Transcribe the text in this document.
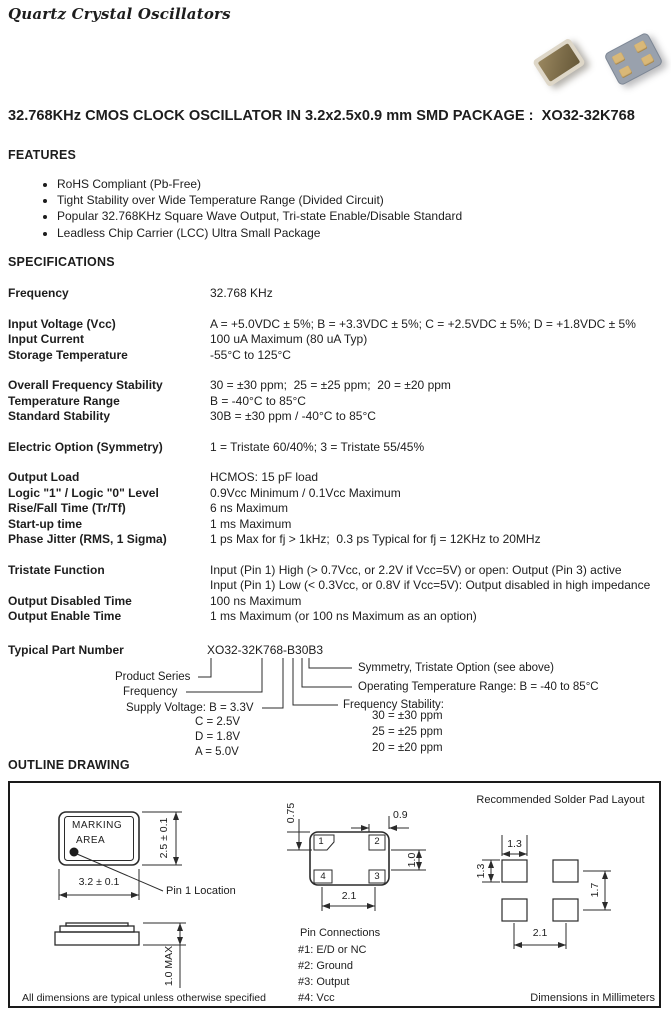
Quartz Crystal Oscillators
32.768KHz CMOS CLOCK OSCILLATOR IN 3.2x2.5x0.9 mm SMD PACKAGE :  XO32-32K768
FEATURES
• RoHS Compliant (Pb-Free)
• Tight Stability over Wide Temperature Range (Divided Circuit)
• Popular 32.768KHz Square Wave Output, Tri-state Enable/Disable Standard
• Leadless Chip Carrier (LCC) Ultra Small Package
SPECIFICATIONS
Frequency	32.768 KHz
Input Voltage (Vcc)	A = +5.0VDC ± 5%; B = +3.3VDC ± 5%; C = +2.5VDC ± 5%; D = +1.8VDC ± 5%
Input Current	100 uA Maximum (80 uA Typ)
Storage Temperature	-55°C to 125°C
Overall Frequency Stability	30 = ±30 ppm;  25 = ±25 ppm;  20 = ±20 ppm
Temperature Range	B = -40°C to 85°C
Standard Stability	30B = ±30 ppm / -40°C to 85°C
Electric Option (Symmetry)	1 = Tristate 60/40%; 3 = Tristate 55/45%
Output Load	HCMOS: 15 pF load
Logic "1" / Logic "0" Level	0.9Vcc Minimum / 0.1Vcc Maximum
Rise/Fall Time (Tr/Tf)	6 ns Maximum
Start-up time	1 ms Maximum
Phase Jitter (RMS, 1 Sigma)	1 ps Max for fj > 1kHz;  0.3 ps Typical for fj = 12KHz to 20MHz
Tristate Function	Input (Pin 1) High (> 0.7Vcc, or 2.2V if Vcc=5V) or open: Output (Pin 3) active
Input (Pin 1) Low (< 0.3Vcc, or 0.8V if Vcc=5V): Output disabled in high impedance
Output Disabled Time	100 ns Maximum
Output Enable Time	1 ms Maximum (or 100 ns Maximum as an option)
Typical Part Number	XO32-32K768-B30B3
Product Series
Frequency
Supply Voltage: B = 3.3V
C = 2.5V
D = 1.8V
A = 5.0V
Symmetry, Tristate Option (see above)
Operating Temperature Range: B = -40 to 85°C
Frequency Stability:
30 = ±30 ppm
25 = ±25 ppm
20 = ±20 ppm
OUTLINE DRAWING
MARKING
AREA	2.5 ± 0.1
3.2 ± 0.1
Pin 1 Location
1.0 MAX
All dimensions are typical unless otherwise specified
1	2
4	3
0.75	0.9
1.0
2.1
Pin Connections
#1: E/D or NC
#2: Ground
#3: Output
#4: Vcc
Recommended Solder Pad Layout
1.3
1.3
1.7
2.1
Dimensions in Millimeters
